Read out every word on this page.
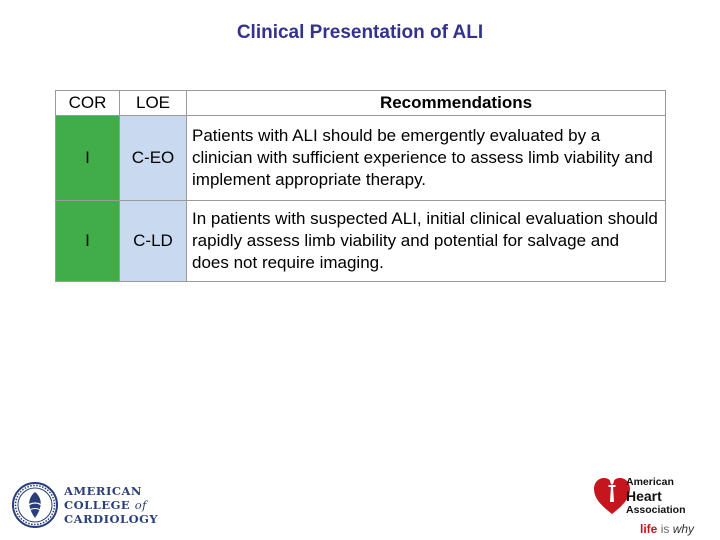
Clinical Presentation of ALI
COR	LOE	Recommendations
I	C-EO	Patients with ALI should be emergently evaluated by a clinician with sufficient experience to assess limb viability and implement appropriate therapy.
I	C-LD	In patients with suspected ALI, initial clinical evaluation should rapidly assess limb viability and potential for salvage and does not require imaging.
AMERICAN
COLLEGE of
CARDIOLOGY
American
Heart
Association
life is why
